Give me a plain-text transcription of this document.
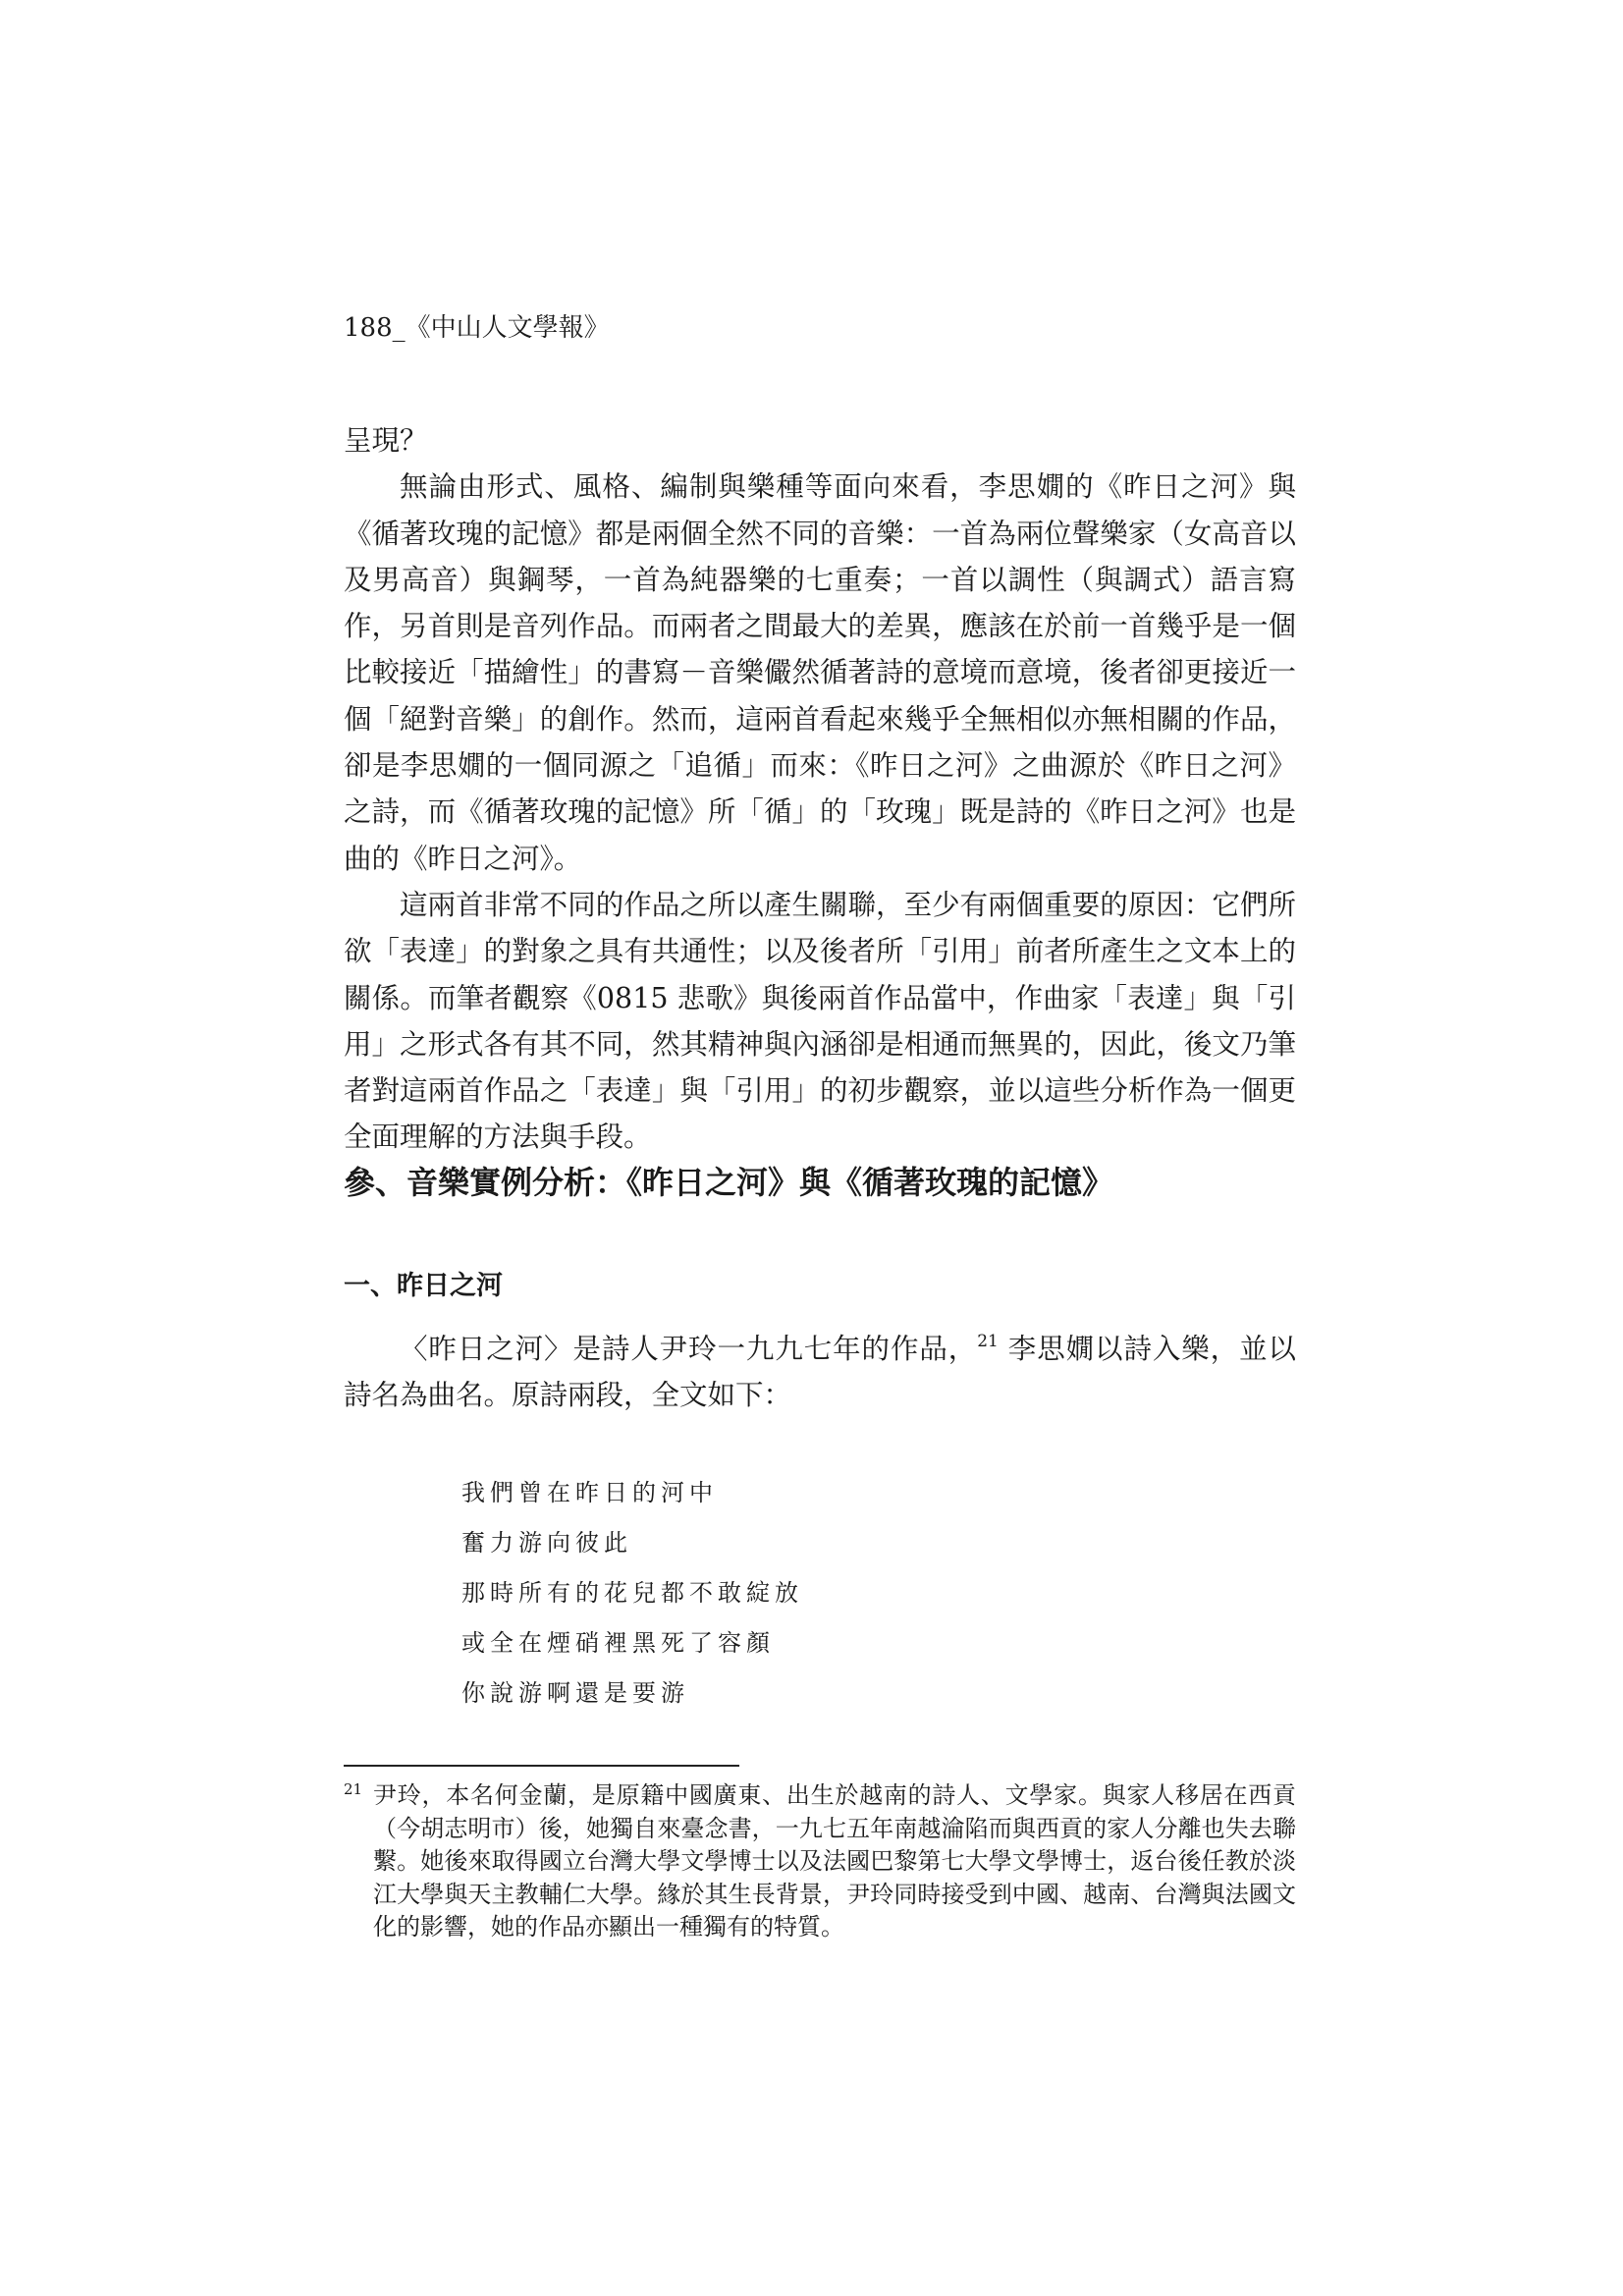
188_《中山人文學報》

呈現？

無論由形式、風格、編制與樂種等面向來看，李思嫺的《昨日之河》與《循著玫瑰的記憶》都是兩個全然不同的音樂：一首為兩位聲樂家（女高音以及男高音）與鋼琴，一首為純器樂的七重奏；一首以調性（與調式）語言寫作，另首則是音列作品。而兩者之間最大的差異，應該在於前一首幾乎是一個比較接近「描繪性」的書寫－音樂儼然循著詩的意境而意境，後者卻更接近一個「絕對音樂」的創作。然而，這兩首看起來幾乎全無相似亦無相關的作品，卻是李思嫺的一個同源之「追循」而來：《昨日之河》之曲源於《昨日之河》之詩，而《循著玫瑰的記憶》所「循」的「玫瑰」既是詩的《昨日之河》也是曲的《昨日之河》。

這兩首非常不同的作品之所以產生關聯，至少有兩個重要的原因：它們所欲「表達」的對象之具有共通性；以及後者所「引用」前者所產生之文本上的關係。而筆者觀察《0815 悲歌》與後兩首作品當中，作曲家「表達」與「引用」之形式各有其不同，然其精神與內涵卻是相通而無異的，因此，後文乃筆者對這兩首作品之「表達」與「引用」的初步觀察，並以這些分析作為一個更全面理解的方法與手段。

參、音樂實例分析：《昨日之河》與《循著玫瑰的記憶》
一、昨日之河

〈昨日之河〉是詩人尹玲一九九七年的作品，$^{21}$ 李思嫺以詩入樂，並以詩名為曲名。原詩兩段，全文如下：

我們曾在昨日的河中
奮力游向彼此
那時所有的花兒都不敢綻放
或全在煙硝裡黑死了容顏
你說游啊還是要游
21 尹玲，本名何金蘭，是原籍中國廣東、出生於越南的詩人、文學家。與家人移居在西貢（今胡志明市）後，她獨自來臺念書，一九七五年南越淪陷而與西貢的家人分離也失去聯繫。她後來取得國立台灣大學文學博士以及法國巴黎第七大學文學博士，返台後任教於淡江大學與天主教輔仁大學。緣於其生長背景，尹玲同時接受到中國、越南、台灣與法國文化的影響，她的作品亦顯出一種獨有的特質。
